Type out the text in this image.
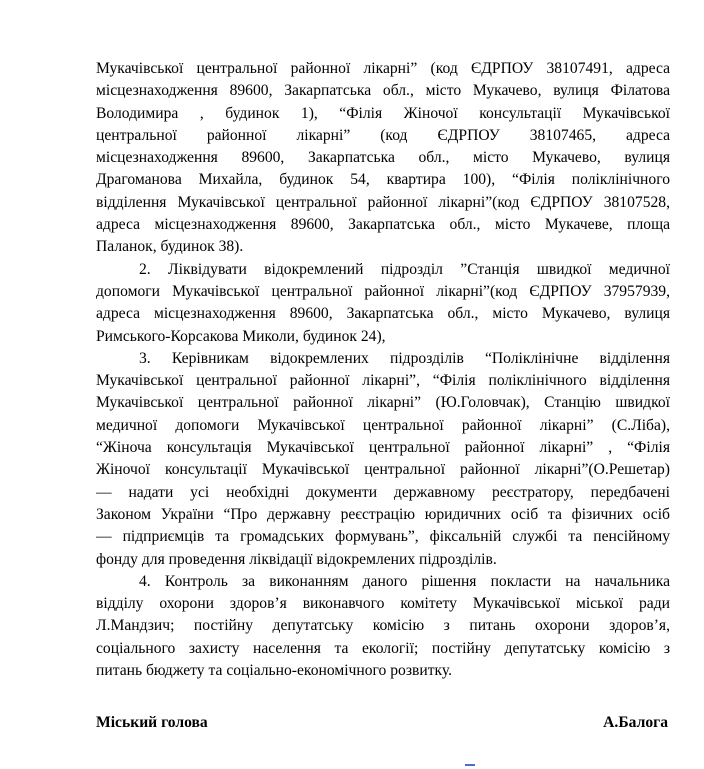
Мукачівської центральної районної лікарні” (код ЄДРПОУ 38107491, адреса
місцезнаходження 89600, Закарпатська обл., місто Мукачево, вулиця Філатова
Володимира , будинок 1), “Філія Жіночої консультації Мукачівської
центральної районної лікарні” (код ЄДРПОУ 38107465, адреса
місцезнаходження 89600, Закарпатська обл., місто Мукачево, вулиця
Драгоманова Михайла, будинок 54, квартира 100), “Філія поліклінічного
відділення Мукачівської центральної районної лікарні”(код ЄДРПОУ 38107528,
адреса місцезнаходження 89600, Закарпатська обл., місто Мукачеве, площа
Паланок, будинок 38).
2. Ліквідувати відокремлений підрозділ ”Станція швидкої медичної
допомоги Мукачівської центральної районної лікарні”(код ЄДРПОУ 37957939,
адреса місцезнаходження 89600, Закарпатська обл., місто Мукачево, вулиця
Римського-Корсакова Миколи, будинок 24),
3. Керівникам відокремлених підрозділів “Поліклінічне відділення
Мукачівської центральної районної лікарні”, “Філія поліклінічного відділення
Мукачівської центральної районної лікарні” (Ю.Головчак), Станцію швидкої
медичної допомоги Мукачівської центральної районної лікарні” (С.Ліба),
“Жіноча консультація Мукачівської центральної районної лікарні” , “Філія
Жіночої консультації Мукачівської центральної районної лікарні”(О.Решетар)
— надати усі необхідні документи державному реєстратору, передбачені
Законом України “Про державну реєстрацію юридичних осіб та фізичних осіб
— підприємців та громадських формувань”, фіксальній службі та пенсійному
фонду для проведення ліквідації відокремлених підрозділів.
4. Контроль за виконанням даного рішення покласти на начальника
відділу охорони здоров’я виконавчого комітету Мукачівської міської ради
Л.Мандзич; постійну депутатську комісію з питань охорони здоров’я,
соціального захисту населення та екології; постійну депутатську комісію з
питань бюджету та соціально-економічного розвитку.
Міський голова	А.Балога
